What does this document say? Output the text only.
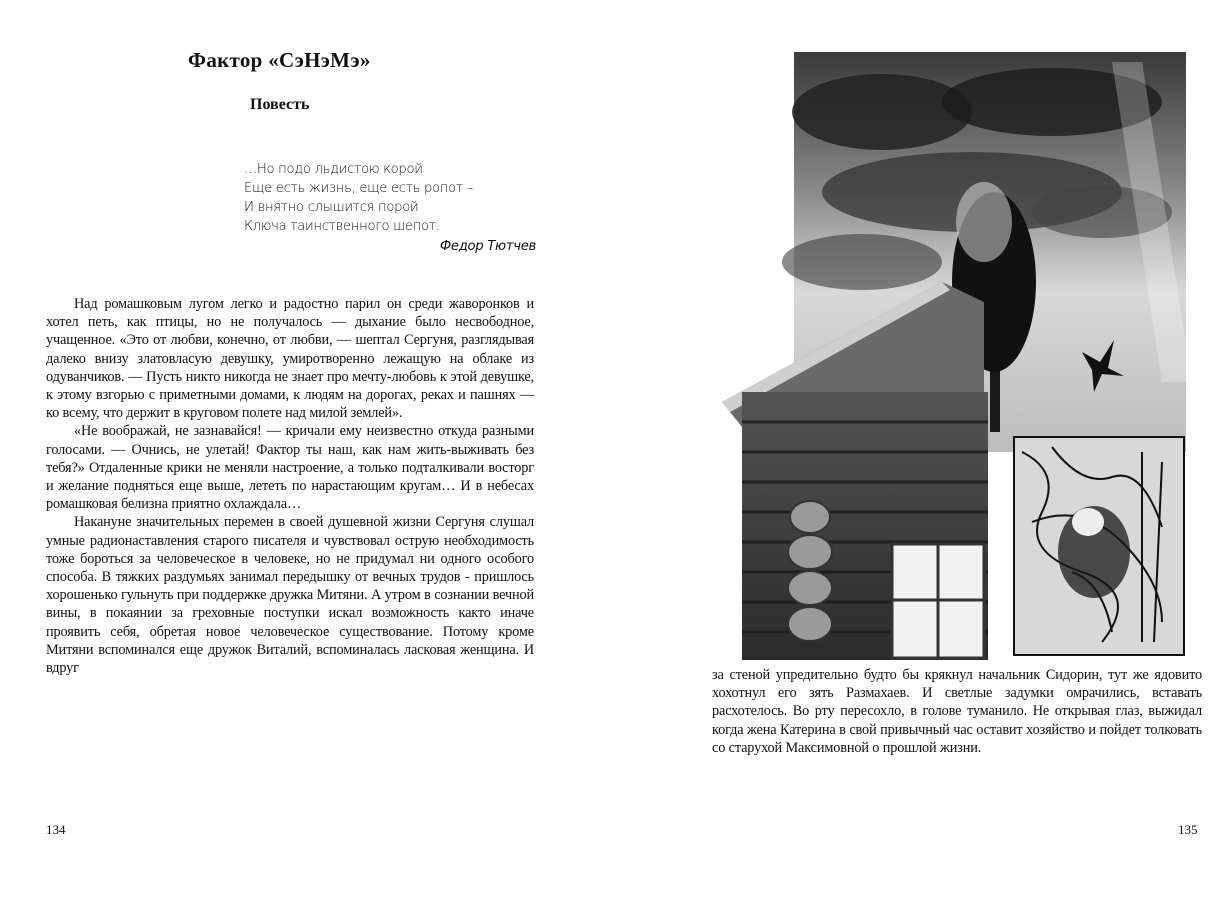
Фактор «СэНэМэ»
Повесть
…Но подо льдистою корой
Еще есть жизнь, еще есть ропот –
И внятно слышится порой
Ключа таинственного шепот.
Федор Тютчев

Над ромашковым лугом легко и радостно парил он среди жаворонков и хотел петь, как птицы, но не получалось — дыхание было несвободное, учащенное. «Это от любви, конечно, от любви, — шептал Сергуня, разглядывая далеко внизу златовласую девушку, умиротворенно лежащую на облаке из одуванчиков. — Пусть никто никогда не знает про мечту-любовь к этой девушке, к этому взгорью с приметными домами, к людям на дорогах, реках и пашнях — ко всему, что держит в круговом полете над милой землей».

«Не воображай, не зазнавайся! — кричали ему неизвестно откуда разными голосами. — Очнись, не улетай! Фактор ты наш, как нам жить-выживать без тебя?» Отдаленные крики не меняли настроение, а только подталкивали восторг и желание подняться еще выше, лететь по нарастающим кругам… И в небесах ромашковая белизна приятно охлаждала…

Накануне значительных перемен в своей душевной жизни Сергуня слушал умные радионаставления старого писателя и чувствовал острую необходимость тоже бороться за человеческое в человеке, но не придумал ни одного особого способа. В тяжких раздумьях занимал передышку от вечных трудов - пришлось хорошенько гульнуть при поддержке дружка Митяни. А утром в сознании вечной вины, в покаянии за греховные поступки искал возможность както иначе проявить себя, обретая новое человеческое существование. Потому кроме Митяни вспоминался еще дружок Виталий, вспоминалась ласковая женщина. И вдруг

134

за стеной упредительно будто бы крякнул начальник Сидорин, тут же ядовито хохотнул его зять Размахаев. И светлые задумки омрачились, вставать расхотелось. Во рту пересохло, в голове туманило. Не открывая глаз, выжидал когда жена Катерина в свой привычный час оставит хозяйство и пойдет толковать со старухой Максимовной о прошлой жизни.

135
